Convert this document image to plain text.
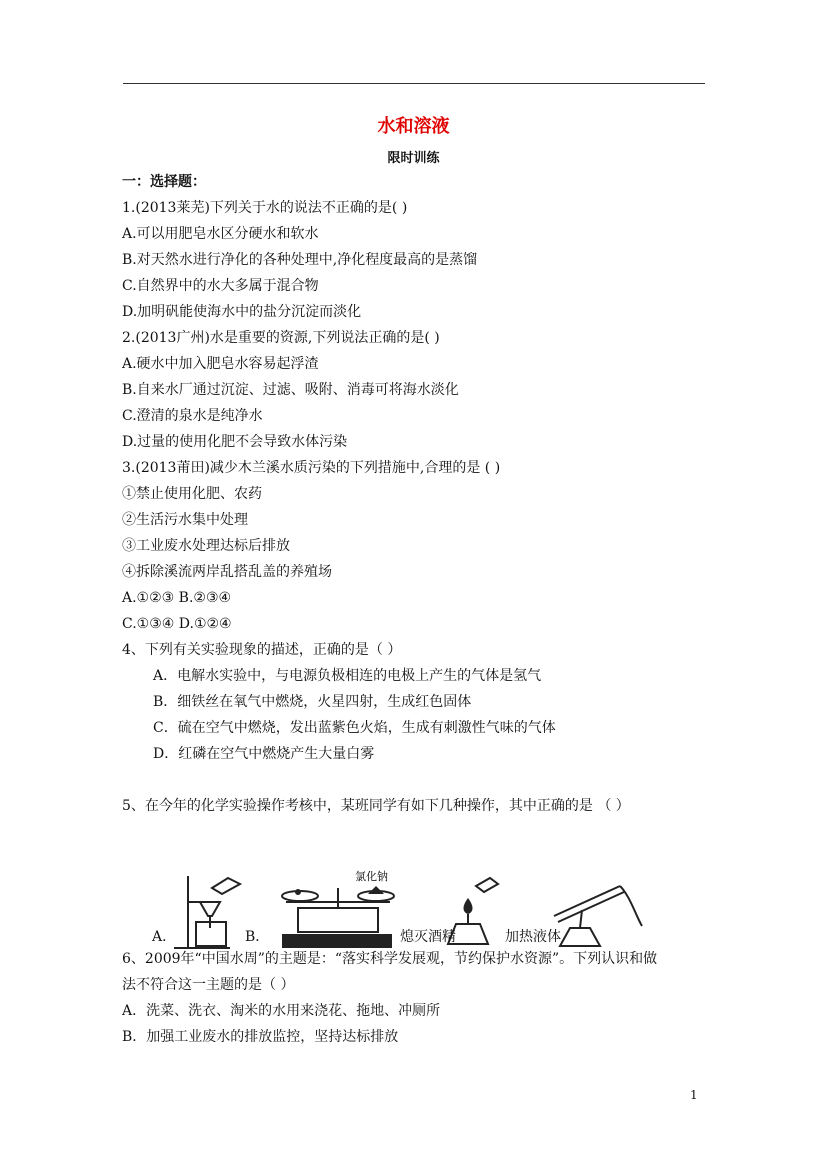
水和溶液
限时训练
一：选择题：
1.(2013莱芜)下列关于水的说法不正确的是( )
A.可以用肥皂水区分硬水和软水
B.对天然水进行净化的各种处理中,净化程度最高的是蒸馏
C.自然界中的水大多属于混合物
D.加明矾能使海水中的盐分沉淀而淡化
2.(2013广州)水是重要的资源,下列说法正确的是( )
A.硬水中加入肥皂水容易起浮渣
B.自来水厂通过沉淀、过滤、吸附、消毒可将海水淡化
C.澄清的泉水是纯净水
D.过量的使用化肥不会导致水体污染
3.(2013莆田)减少木兰溪水质污染的下列措施中,合理的是 ( )
①禁止使用化肥、农药
②生活污水集中处理
③工业废水处理达标后排放
④拆除溪流两岸乱搭乱盖的养殖场
A.①②③ B.②③④
C.①③④ D.①②④
4、下列有关实验现象的描述，正确的是（ ）
A．电解水实验中，与电源负极相连的电极上产生的气体是氢气
B．细铁丝在氧气中燃烧，火星四射，生成红色固体
C．硫在空气中燃烧，发出蓝紫色火焰，生成有刺激性气味的气体
D．红磷在空气中燃烧产生大量白雾
5、在今年的化学实验操作考核中，某班同学有如下几种操作，其中正确的是 （ ）
6、2009年“中国水周”的主题是：“落实科学发展观，节约保护水资源”。下列认识和做
法不符合这一主题的是（ ）
A．洗菜、洗衣、淘米的水用来浇花、拖地、冲厕所
B．加强工业废水的排放监控，坚持达标排放
氯化钠
A．	B．	熄灭酒精	加热液体
1
